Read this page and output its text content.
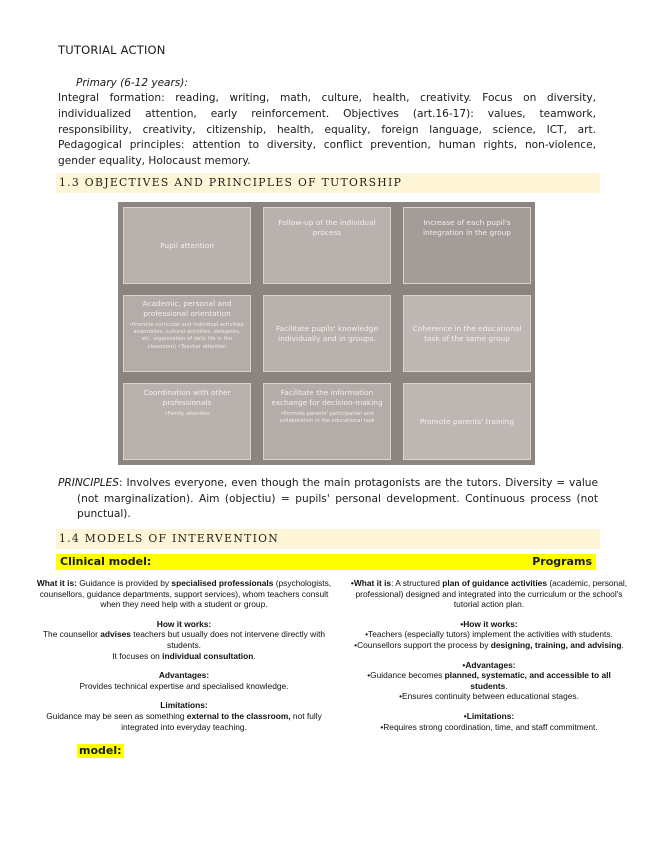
TUTORIAL ACTION
Primary (6-12 years):
Integral formation: reading, writing, math, culture, health, creativity. Focus on diversity, individualized attention, early reinforcement. Objectives (art.16-17): values, teamwork, responsibility, creativity, citizenship, health, equality, foreign language, science, ICT, art. Pedagogical principles: attention to diversity, conflict prevention, human rights, non-violence, gender equality, Holocaust memory.
1.3 OBJECTIVES AND PRINCIPLES OF TUTORSHIP
Pupil attention
Follow-up of the individual process
Increase of each pupil's integration in the group
Academic, personal and professional orientation
•Promote curricular and individual activities: assemblies, cultural activities, delegates, etc. organization of daily life in the classroom) •Teacher attention
Facilitate pupils' knowledge individually and in groups.
Coherence in the educational task of the same group
Coordination with other professionals
•Family attention
Facilitate the information exchange for decision-making
•Promote parents' participation and collaboration in the educational task	Promote parents' training
PRINCIPLES: Involves everyone, even though the main protagonists are the tutors. Diversity = value (not marginalization). Aim (objectiu) = pupils' personal development. Continuous process (not punctual).
1.4 MODELS OF INTERVENTION
Clinical model:	Programs

What it is: Guidance is provided by specialised professionals (psychologists, counsellors, guidance departments, support services), whom teachers consult when they need help with a student or group.

How it works:

The counsellor advises teachers but usually does not intervene directly with students.

It focuses on individual consultation.

Advantages:

Provides technical expertise and specialised knowledge.

Limitations:

Guidance may be seen as something external to the classroom, not fully integrated into everyday teaching.

•What it is: A structured plan of guidance activities (academic, personal, professional) designed and integrated into the curriculum or the school's tutorial action plan.

•How it works:

•Teachers (especially tutors) implement the activities with students.

•Counsellors support the process by designing, training, and advising.

•Advantages:

•Guidance becomes planned, systematic, and accessible to all students.

•Ensures continuity between educational stages.

•Limitations:

•Requires strong coordination, time, and staff commitment.

model:
